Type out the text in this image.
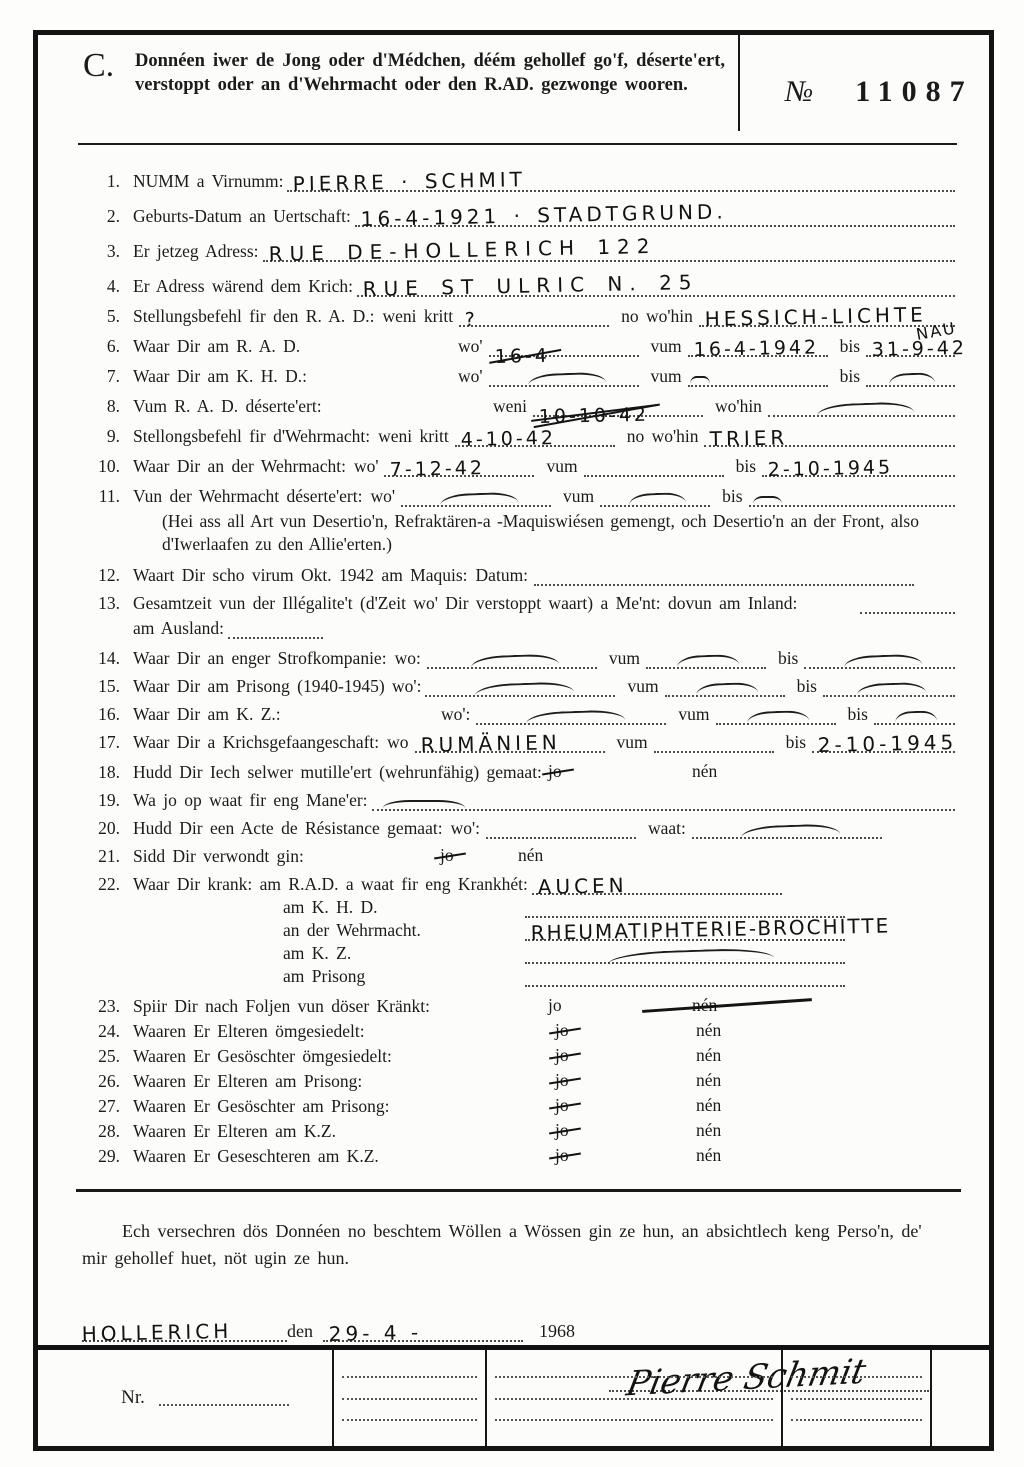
C.	Donnéen iwer de Jong oder d'Médchen, déém gehollef go'f, déserte'ert, verstoppt oder an d'Wehrmacht oder den R.AD. gezwonge wooren.	№ 11087
1. NUMM a Virnumm: PIERRE · SCHMIT
2. Geburts-Datum an Uertschaft: 16-4-1921 · STADTGRUND.
3. Er jetzeg Adress: RUE DE-HOLLERICH 122
4. Er Adress wärend dem Krich: RUE ST ULRIC N. 25
5. Stellungsbefehl fir den R. A. D.: weni kritt ?	no wo'hin HESSICH-LICHTE
6. Waar Dir am R. A. D.	wo' 16-4	vum 16-4-1942 bis 31-9-42
NAU
7. Waar Dir am K. H. D.:	wo'	vum	bis
8. Vum R. A. D. déserte'ert:	weni 10-10-42	wo'hin
9. Stellongsbefehl fir d'Wehrmacht: weni kritt 4-10-42	no wo'hin TRIER
10. Waar Dir an der Wehrmacht: wo' 7-12-42	vum	bis 2-10-1945
11. Vun der Wehrmacht déserte'ert: wo'	vum	bis
(Hei ass all Art vun Desertio'n, Refraktären-a -Maquiswiésen gemengt, och Desertio'n an der Front, also d'Iwerlaafen zu den Allie'erten.)
12. Waart Dir scho virum Okt. 1942 am Maquis: Datum:
13. Gesamtzeit vun der Illégalite't (d'Zeit wo' Dir verstoppt waart) a Me'nt: dovun am Inland:
am Ausland:
14. Waar Dir an enger Strofkompanie: wo:	vum	bis
15. Waar Dir am Prisong (1940-1945) wo':	vum	bis
16. Waar Dir am K. Z.:	wo':	vum	bis
17. Waar Dir a Krichsgefaangeschaft: wo RUMÄNIEN	vum	bis 2-10-1945
18. Hudd Dir Iech selwer mutille'ert (wehrunfähig) gemaat: jo	nén
19. Wa jo op waat fir eng Mane'er:
20. Hudd Dir een Acte de Résistance gemaat: wo':	waat:
21. Sidd Dir verwondt gin:	jo	nén
22. Waar Dir krank: am R.A.D. a waat fir eng Krankhét: AUCEN
am K. H. D.
an der Wehrmacht.	RHEUMATIPHTERIE-BROCHITTE
am K. Z.
am Prisong
23. Spiir Dir nach Foljen vun döser Kränkt:	jo	nén
24. Waaren Er Elteren ömgesiedelt:	jo	nén
25. Waaren Er Gesöschter ömgesiedelt:	jo	nén
26. Waaren Er Elteren am Prisong:	jo	nén
27. Waaren Er Gesöschter am Prisong:	jo	nén
28. Waaren Er Elteren am K.Z.	jo	nén
29. Waaren Er Geseschteren am K.Z.	jo	nén

Ech versechren dös Donnéen no beschtem Wöllen a Wössen gin ze hun, an absichtlech keng Perso'n, de' mir gehollef huet, nöt ugin ze hun.

HOLLERICH	den 29- 4 -	1968
Pierre Schmit
Nr.
